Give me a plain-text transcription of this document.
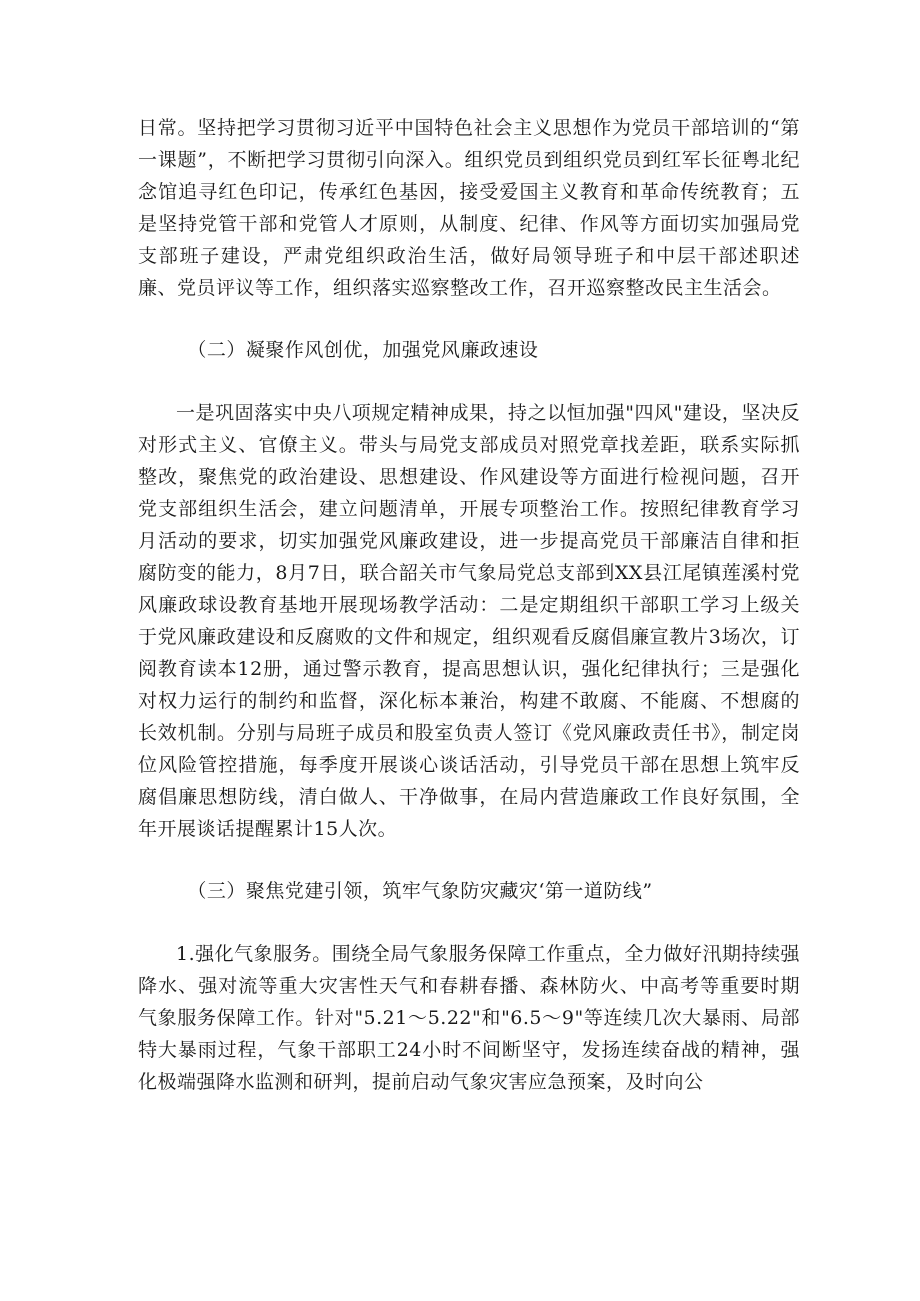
日常。坚持把学习贯彻习近平中国特色社会主义思想作为党员干部培训的“第一课题”，不断把学习贯彻引向深入。组织党员到组织党员到红军长征粤北纪念馆追寻红色印记，传承红色基因，接受爱国主义教育和革命传统教育；五是坚持党管干部和党管人才原则，从制度、纪律、作风等方面切实加强局党支部班子建设，严肃党组织政治生活，做好局领导班子和中层干部述职述廉、党员评议等工作，组织落实巡察整改工作，召开巡察整改民主生活会。

（二）凝聚作风创优，加强党风廉政速设

一是巩固落实中央八项规定精神成果，持之以恒加强"四风"建设，坚决反对形式主义、官僚主义。带头与局党支部成员对照党章找差距，联系实际抓整改，聚焦党的政治建设、思想建设、作风建设等方面进行检视问题，召开党支部组织生活会，建立问题清单，开展专项整治工作。按照纪律教育学习月活动的要求，切实加强党风廉政建设，进一步提高党员干部廉洁自律和拒腐防变的能力，8月7日，联合韶关市气象局党总支部到XX县江尾镇莲溪村党风廉政球设教育基地开展现场教学活动：二是定期组织干部职工学习上级关于党风廉政建设和反腐败的文件和规定，组织观看反腐倡廉宣教片3场次，订阅教育读本12册，通过警示教育，提高思想认识，强化纪律执行；三是强化对权力运行的制约和监督，深化标本兼治，构建不敢腐、不能腐、不想腐的长效机制。分别与局班子成员和股室负责人签订《党风廉政责任书》，制定岗位风险管控措施，每季度开展谈心谈话活动，引导党员干部在思想上筑牢反腐倡廉思想防线，清白做人、干净做事，在局内营造廉政工作良好氛围，全年开展谈话提醒累计15人次。

（三）聚焦党建引领，筑牢气象防灾藏灾‘第一道防线”

1.强化气象服务。围绕全局气象服务保障工作重点，全力做好汛期持续强降水、强对流等重大灾害性天气和春耕春播、森林防火、中高考等重要时期气象服务保障工作。针对"5.21～5.22"和"6.5～9"等连续几次大暴雨、局部特大暴雨过程，气象干部职工24小时不间断坚守，发扬连续奋战的精神，强化极端强降水监测和研判，提前启动气象灾害应急预案，及时向公
